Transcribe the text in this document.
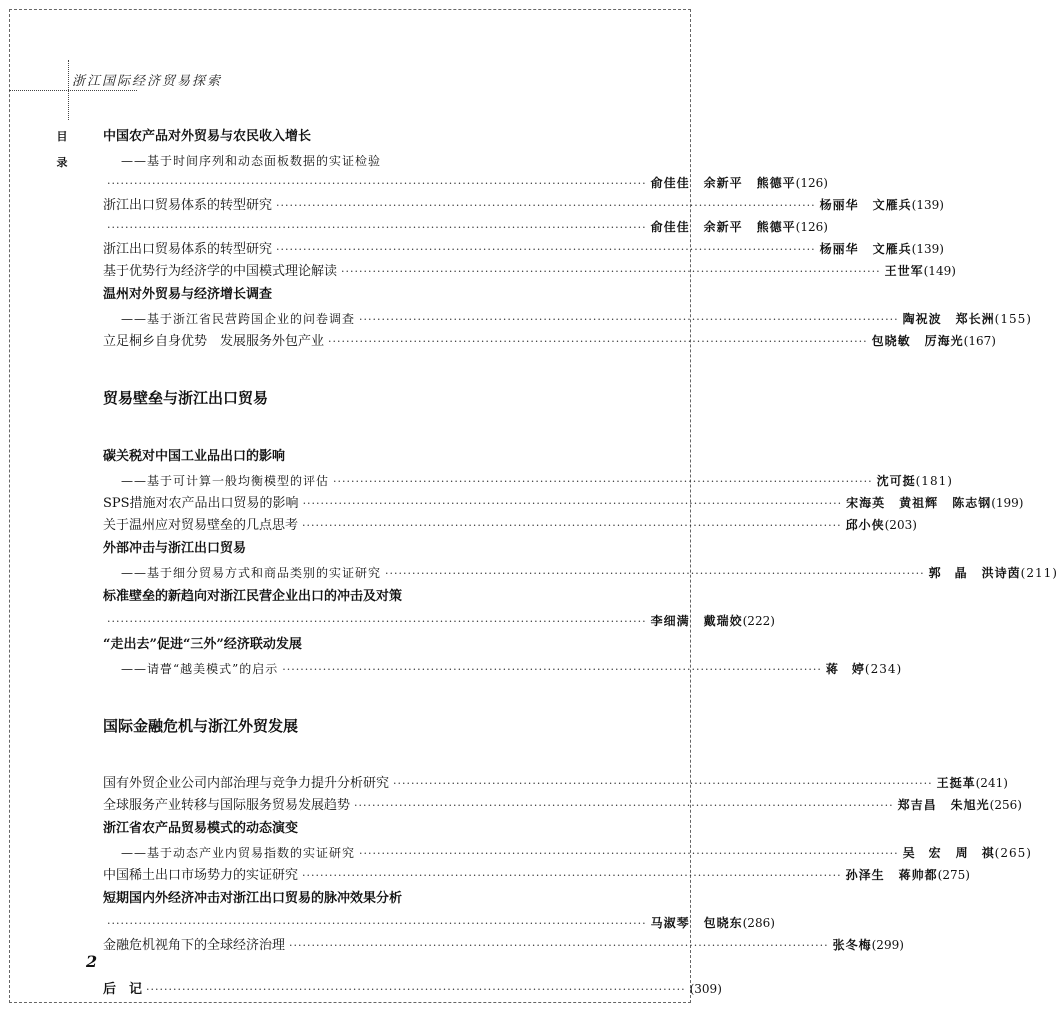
浙江国际经济贸易探索
目
录
中国农产品对外贸易与农民收入增长
——基于时间序列和动态面板数据的实证检验
························································································································ 俞佳佳 余新平 熊德平 (126)
浙江出口贸易体系的转型研究 ························································································································ 杨丽华 文雁兵 (139)
························································································································ 俞佳佳 余新平 熊德平 (126)
浙江出口贸易体系的转型研究 ························································································································ 杨丽华 文雁兵 (139)
基于优势行为经济学的中国模式理论解读 ························································································································ 王世军 (149)
温州对外贸易与经济增长调查
——基于浙江省民营跨国企业的问卷调查 ························································································································ 陶祝波 郑长洲 (155)
立足桐乡自身优势　发展服务外包产业 ························································································································ 包晓敏 厉海光 (167)
贸易壁垒与浙江出口贸易
碳关税对中国工业品出口的影响
——基于可计算一般均衡模型的评估 ························································································································ 沈可挺 (181)
SPS措施对农产品出口贸易的影响 ························································································································ 宋海英 黄祖辉 陈志钢 (199)
关于温州应对贸易壁垒的几点思考 ························································································································ 邱小侠 (203)
外部冲击与浙江出口贸易
——基于细分贸易方式和商品类别的实证研究 ························································································································ 郭　晶 洪诗茵 (211)
标准壁垒的新趋向对浙江民营企业出口的冲击及对策
························································································································ 李细满 戴瑞姣 (222)
“走出去”促进“三外”经济联动发展
——请瞢“越美模式”的启示 ························································································································ 蒋　婷 (234)
国际金融危机与浙江外贸发展
国有外贸企业公司内部治理与竞争力提升分析研究 ························································································································ 王挺革 (241)
全球服务产业转移与国际服务贸易发展趋势 ························································································································ 郑吉昌 朱旭光 (256)
浙江省农产品贸易模式的动态演变
——基于动态产业内贸易指数的实证研究 ························································································································ 吴　宏 周　祺 (265)
中国稀土出口市场势力的实证研究 ························································································································ 孙泽生 蒋帅都 (275)
短期国内外经济冲击对浙江出口贸易的脉冲效果分析
························································································································ 马淑琴 包晓东 (286)
金融危机视角下的全球经济治理 ························································································································ 张冬梅 (299)
后　记 ························································································································ (309)
2
